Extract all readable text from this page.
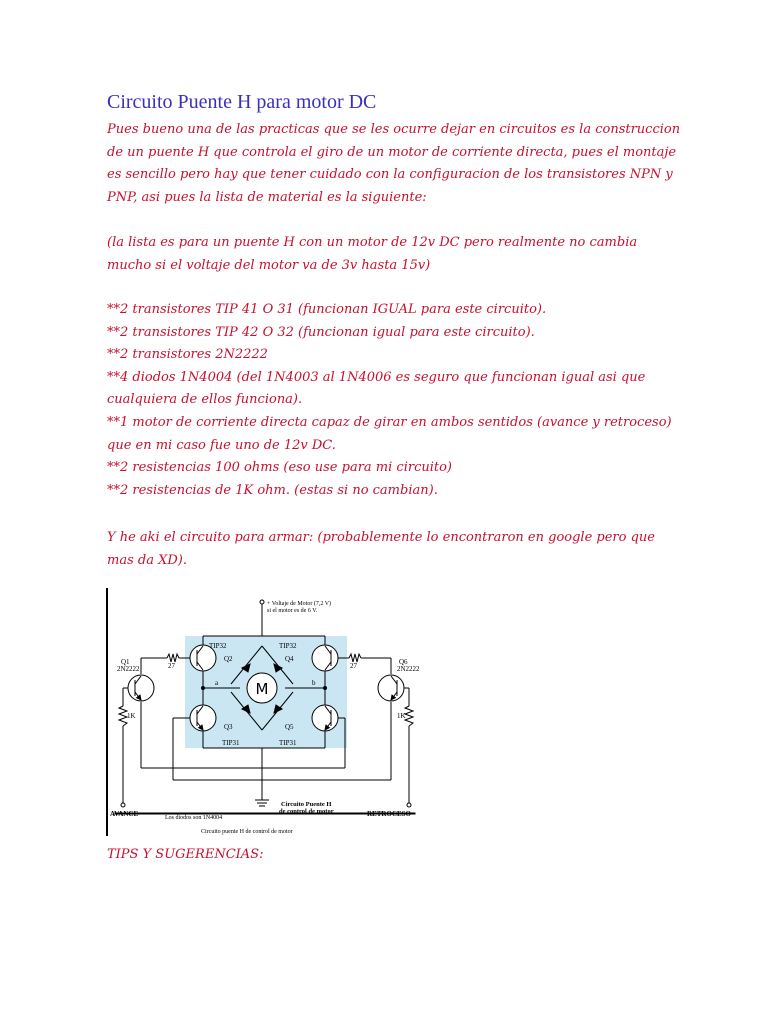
Circuito Puente H para motor DC
Pues bueno una de las practicas que se les ocurre dejar en circuitos es la construccion
de un puente H que controla el giro de un motor de corriente directa, pues el montaje
es sencillo pero hay que tener cuidado con la configuracion de los transistores NPN y
PNP, asi pues la lista de material es la siguiente:
(la lista es para un puente H con un motor de 12v DC pero realmente no cambia
mucho si el voltaje del motor va de 3v hasta 15v)
**2 transistores TIP 41 O 31 (funcionan IGUAL para este circuito).
**2 transistores TIP 42 O 32 (funcionan igual para este circuito).
**2 transistores 2N2222
**4 diodos 1N4004 (del 1N4003 al 1N4006 es seguro que funcionan igual asi que
cualquiera de ellos funciona).
**1 motor de corriente directa capaz de girar en ambos sentidos (avance y retroceso)
que en mi caso fue uno de 12v DC.
**2 resistencias 100 ohms (eso use para mi circuito)
**2 resistencias de 1K ohm. (estas si no cambian).
Y he aki el circuito para armar: (probablemente lo encontraron en google pero que
mas da XD).
M
+ Voltaje de Motor (7,2 V)
si el motor es de 6 V.
Q1
2N2222
Q6
2N2222
TIP32
Q2
TIP32
Q4
Q3
TIP31
Q5
TIP31
27	27
1K	1K
a	b
AVANCE	RETROCESO
Los diodos son 1N4004
Circuito Puente H
de control de motor
Circuito puente H de control de motor
TIPS Y SUGERENCIAS:
